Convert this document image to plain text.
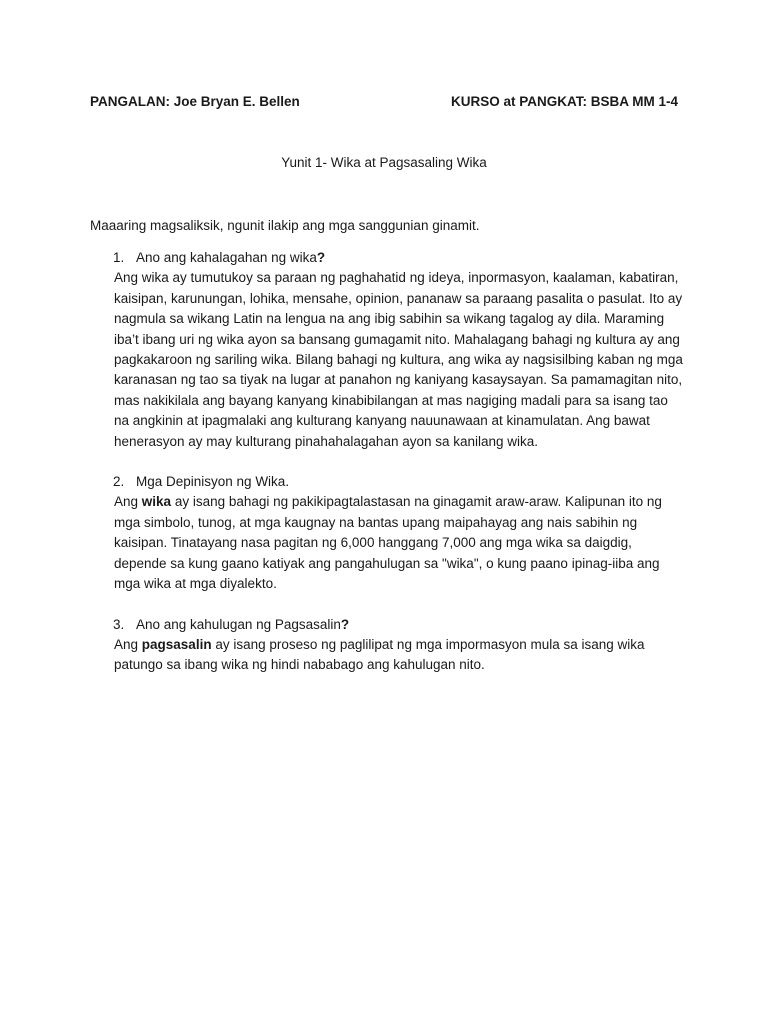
PANGALAN: Joe Bryan E. Bellen	KURSO at PANGKAT: BSBA MM 1-4
Yunit 1- Wika at Pagsasaling Wika
Maaaring magsaliksik, ngunit ilakip ang mga sanggunian ginamit.
1. Ano ang kahalagahan ng wika?
Ang wika ay tumutukoy sa paraan ng paghahatid ng ideya, inpormasyon, kaalaman, kabatiran, kaisipan, karunungan, lohika, mensahe, opinion, pananaw sa paraang pasalita o pasulat. Ito ay nagmula sa wikang Latin na lengua na ang ibig sabihin sa wikang tagalog ay dila. Maraming iba’t ibang uri ng wika ayon sa bansang gumagamit nito. Mahalagang bahagi ng kultura ay ang pagkakaroon ng sariling wika. Bilang bahagi ng kultura, ang wika ay nagsisilbing kaban ng mga karanasan ng tao sa tiyak na lugar at panahon ng kaniyang kasaysayan. Sa pamamagitan nito, mas nakikilala ang bayang kanyang kinabibilangan at mas nagiging madali para sa isang tao na angkinin at ipagmalaki ang kulturang kanyang nauunawaan at kinamulatan. Ang bawat henerasyon ay may kulturang pinahahalagahan ayon sa kanilang wika.
2. Mga Depinisyon ng Wika.
Ang wika ay isang bahagi ng pakikipagtalastasan na ginagamit araw-araw. Kalipunan ito ng mga simbolo, tunog, at mga kaugnay na bantas upang maipahayag ang nais sabihin ng kaisipan. Tinatayang nasa pagitan ng 6,000 hanggang 7,000 ang mga wika sa daigdig, depende sa kung gaano katiyak ang pangahulugan sa "wika", o kung paano ipinag-iiba ang mga wika at mga diyalekto.
3. Ano ang kahulugan ng Pagsasalin?
Ang pagsasalin ay isang proseso ng paglilipat ng mga impormasyon mula sa isang wika patungo sa ibang wika ng hindi nababago ang kahulugan nito.
